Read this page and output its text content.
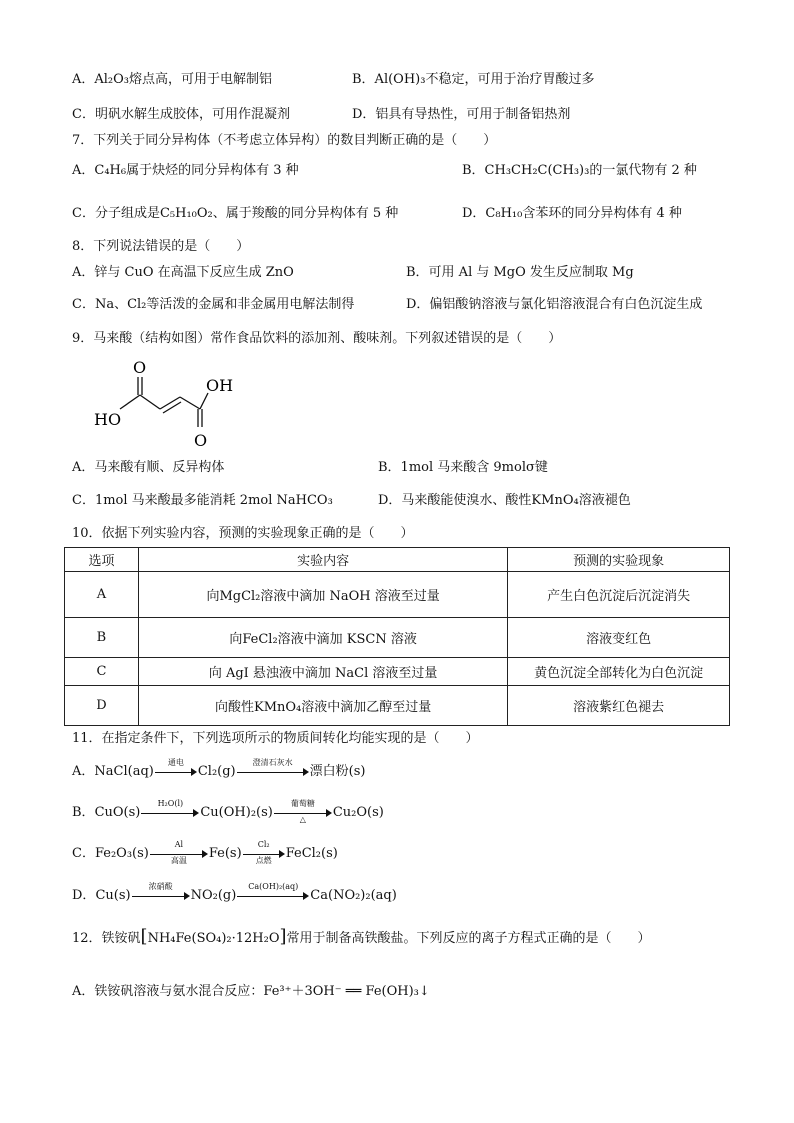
A．Al₂O₃熔点高，可用于电解制铝	B．Al(OH)₃不稳定，可用于治疗胃酸过多
C．明矾水解生成胶体，可用作混凝剂	D．铝具有导热性，可用于制备铝热剂
7．下列关于同分异构体（不考虑立体异构）的数目判断正确的是（　　）
A．C₄H₆属于炔烃的同分异构体有 3 种	B．CH₃CH₂C(CH₃)₃的一氯代物有 2 种
C．分子组成是C₅H₁₀O₂、属于羧酸的同分异构体有 5 种	D．C₈H₁₀含苯环的同分异构体有 4 种
8．下列说法错误的是（　　）
A．锌与 CuO 在高温下反应生成 ZnO	B．可用 Al 与 MgO 发生反应制取 Mg
C．Na、Cl₂等活泼的金属和非金属用电解法制得	D．偏铝酸钠溶液与氯化铝溶液混合有白色沉淀生成
9．马来酸（结构如图）常作食品饮料的添加剂、酸味剂。下列叙述错误的是（　　）
O
OH
HO
O
A．马来酸有顺、反异构体	B．1mol 马来酸含 9molσ键
C．1mol 马来酸最多能消耗 2mol NaHCO₃	D．马来酸能使溴水、酸性KMnO₄溶液褪色
10．依据下列实验内容，预测的实验现象正确的是（　　）
选项	实验内容	预测的实验现象
A	向MgCl₂溶液中滴加 NaOH 溶液至过量	产生白色沉淀后沉淀消失
B	向FeCl₂溶液中滴加 KSCN 溶液	溶液变红色
C	向 AgI 悬浊液中滴加 NaCl 溶液至过量	黄色沉淀全部转化为白色沉淀
D	向酸性KMnO₄溶液中滴加乙醇至过量	溶液紫红色褪去
11．在指定条件下，下列选项所示的物质间转化均能实现的是（　　）
A．NaCl(aq)
通电
Cl₂(g)
澄清石灰水
漂白粉(s)
B．CuO(s)
H₂O(l)
Cu(OH)₂(s)
葡萄糖
△	Cu₂O(s)
C．Fe₂O₃(s)
Al
高温	Fe(s)
Cl₂
点燃	FeCl₂(s)
D．Cu(s)
浓硝酸
NO₂(g)
Ca(OH)₂(aq)
Ca(NO₂)₂(aq)
12．铁铵矾[NH₄Fe(SO₄)₂·12H₂O]常用于制备高铁酸盐。下列反应的离子方程式正确的是（　　）
A．铁铵矾溶液与氨水混合反应：Fe³⁺＋3OH⁻ ══ Fe(OH)₃↓
